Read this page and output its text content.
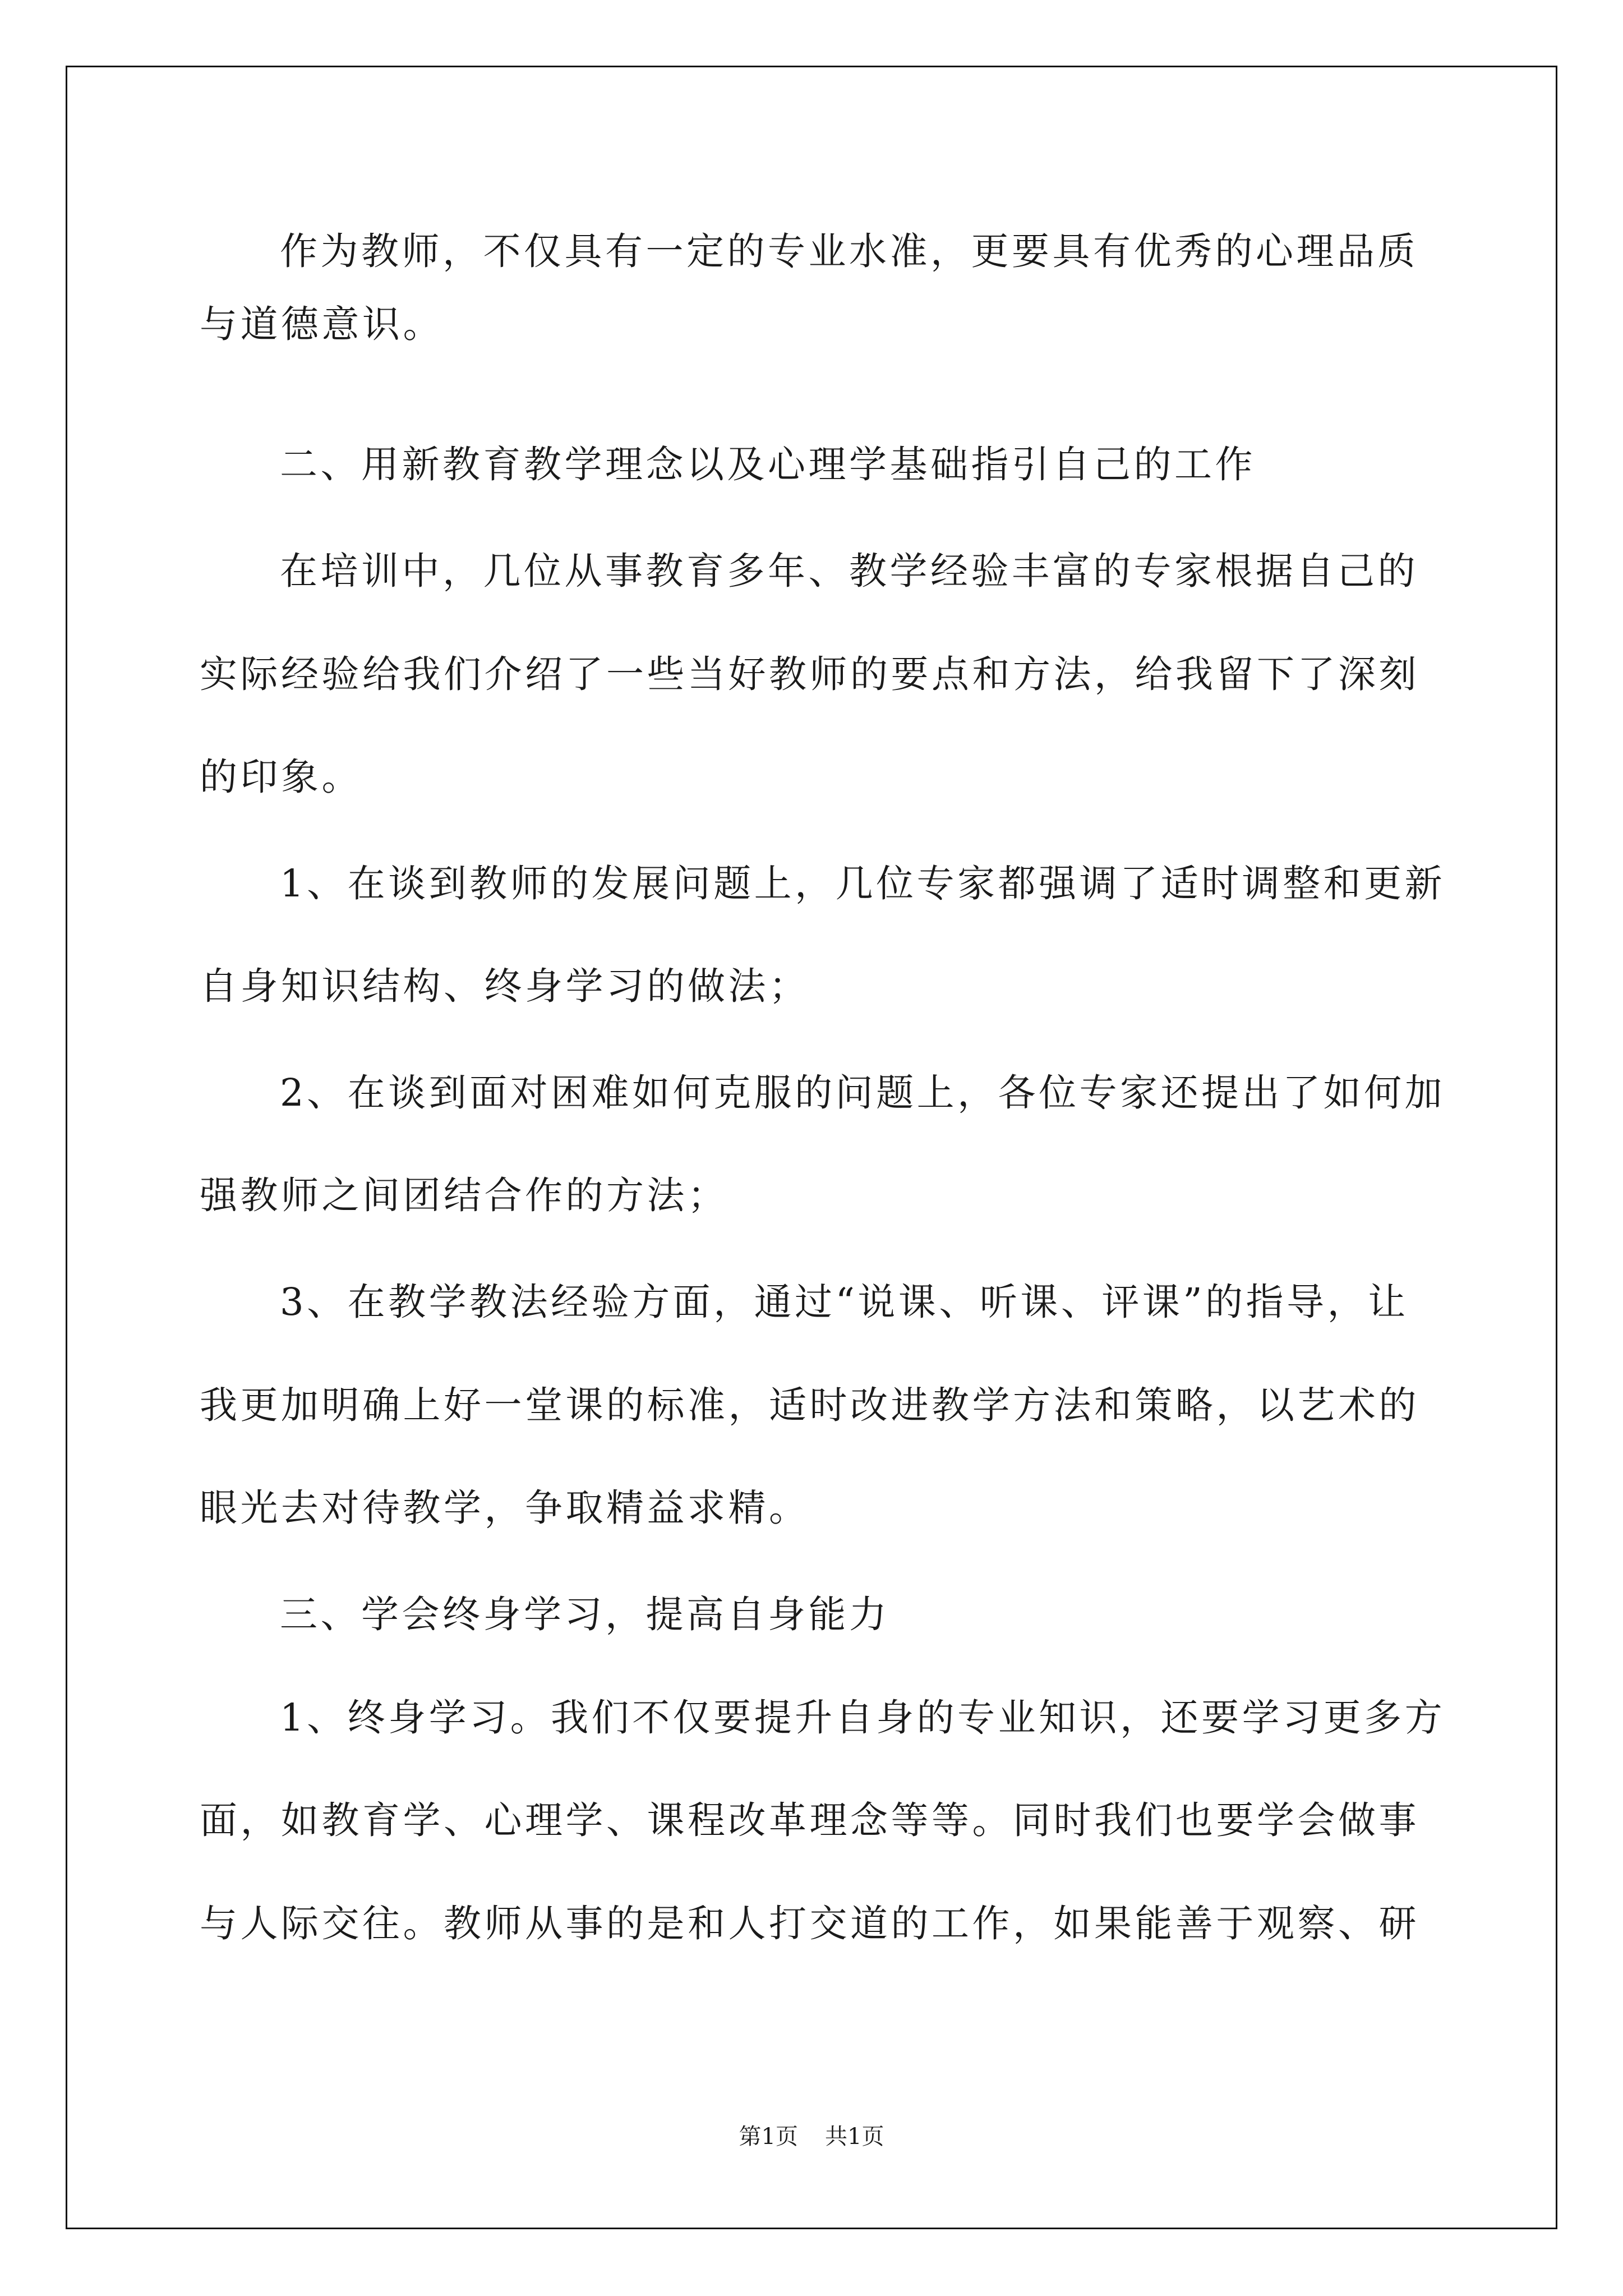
作为教师，不仅具有一定的专业水准，更要具有优秀的心理品质
与道德意识。
二、用新教育教学理念以及心理学基础指引自己的工作
在培训中，几位从事教育多年、教学经验丰富的专家根据自己的
实际经验给我们介绍了一些当好教师的要点和方法，给我留下了深刻
的印象。
1、在谈到教师的发展问题上，几位专家都强调了适时调整和更新
自身知识结构、终身学习的做法；
2、在谈到面对困难如何克服的问题上，各位专家还提出了如何加
强教师之间团结合作的方法；
3、在教学教法经验方面，通过“说课、听课、评课”的指导，让
我更加明确上好一堂课的标准，适时改进教学方法和策略，以艺术的
眼光去对待教学，争取精益求精。
三、学会终身学习，提高自身能力
1、终身学习。我们不仅要提升自身的专业知识，还要学习更多方
面，如教育学、心理学、课程改革理念等等。同时我们也要学会做事
与人际交往。教师从事的是和人打交道的工作，如果能善于观察、研
第1页 共1页
